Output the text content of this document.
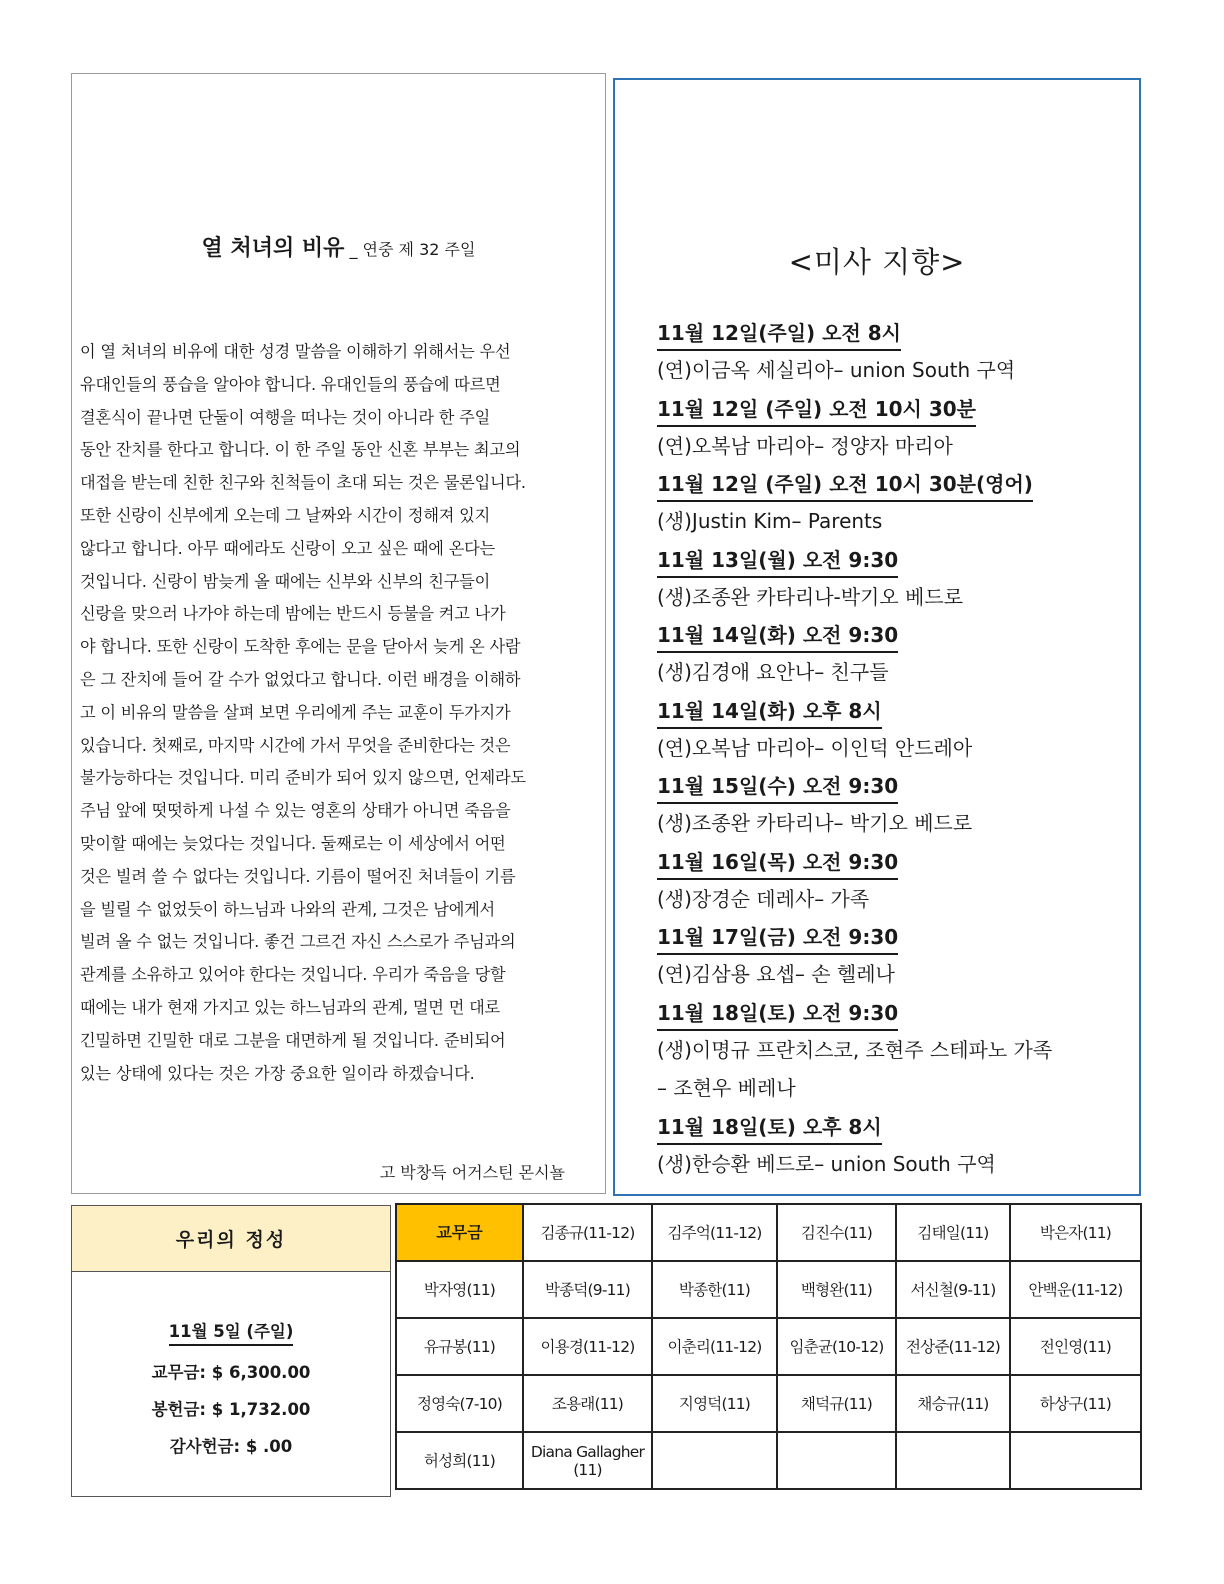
열 처녀의 비유 _ 연중 제 32 주일
이 열 처녀의 비유에 대한 성경 말씀을 이해하기 위해서는 우선
유대인들의 풍습을 알아야 합니다. 유대인들의 풍습에 따르면
결혼식이 끝나면 단둘이 여행을 떠나는 것이 아니라 한 주일
동안 잔치를 한다고 합니다. 이 한 주일 동안 신혼 부부는 최고의
대접을 받는데 친한 친구와 친척들이 초대 되는 것은 물론입니다.
또한 신랑이 신부에게 오는데 그 날짜와 시간이 정해져 있지
않다고 합니다. 아무 때에라도 신랑이 오고 싶은 때에 온다는
것입니다. 신랑이 밤늦게 올 때에는 신부와 신부의 친구들이
신랑을 맞으러 나가야 하는데 밤에는 반드시 등불을 켜고 나가
야 합니다. 또한 신랑이 도착한 후에는 문을 닫아서 늦게 온 사람
은 그 잔치에 들어 갈 수가 없었다고 합니다. 이런 배경을 이해하
고 이 비유의 말씀을 살펴 보면 우리에게 주는 교훈이 두가지가
있습니다. 첫째로, 마지막 시간에 가서 무엇을 준비한다는 것은
불가능하다는 것입니다. 미리 준비가 되어 있지 않으면, 언제라도
주님 앞에 떳떳하게 나설 수 있는 영혼의 상태가 아니면 죽음을
맞이할 때에는 늦었다는 것입니다. 둘째로는 이 세상에서 어떤
것은 빌려 쓸 수 없다는 것입니다. 기름이 떨어진 처녀들이 기름
을 빌릴 수 없었듯이 하느님과 나와의 관계, 그것은 남에게서
빌려 올 수 없는 것입니다. 좋건 그르건 자신 스스로가 주님과의
관계를 소유하고 있어야 한다는 것입니다. 우리가 죽음을 당할
때에는 내가 현재 가지고 있는 하느님과의 관계, 멀면 먼 대로
긴밀하면 긴밀한 대로 그분을 대면하게 될 것입니다. 준비되어
있는 상태에 있다는 것은 가장 중요한 일이라 하겠습니다.
고 박창득 어거스틴 몬시뇰
<미사 지향>
11월 12일(주일) 오전 8시
(연)이금옥 세실리아– union South 구역
11월 12일 (주일) 오전 10시 30분
(연)오복남 마리아– 정양자 마리아
11월 12일 (주일) 오전 10시 30분(영어)
(생)Justin Kim– Parents
11월 13일(월) 오전 9:30
(생)조종완 카타리나-박기오 베드로
11월 14일(화) 오전 9:30
(생)김경애 요안나– 친구들
11월 14일(화) 오후 8시
(연)오복남 마리아– 이인덕 안드레아
11월 15일(수) 오전 9:30
(생)조종완 카타리나– 박기오 베드로
11월 16일(목) 오전 9:30
(생)장경순 데레사– 가족
11월 17일(금) 오전 9:30
(연)김삼용 요셉– 손 헬레나
11월 18일(토) 오전 9:30
(생)이명규 프란치스코, 조현주 스테파노 가족
– 조현우 베레나
11월 18일(토) 오후 8시
(생)한승환 베드로– union South 구역
우리의 정성
11월 5일 (주일)
교무금: $ 6,300.00
봉헌금: $ 1,732.00
감사헌금: $ .00
교무금	김종규(11-12)	김주억(11-12)	김진수(11)	김태일(11)	박은자(11)
박자영(11)	박종덕(9-11)	박종한(11)	백형완(11)	서신철(9-11)	안백운(11-12)
유규봉(11)	이용경(11-12)	이춘리(11-12)	임춘균(10-12)	전상준(11-12)	전인영(11)
정영숙(7-10)	조용래(11)	지영덕(11)	채덕규(11)	채승규(11)	하상구(11)
허성희(11)	Diana Gallagher (11)				
